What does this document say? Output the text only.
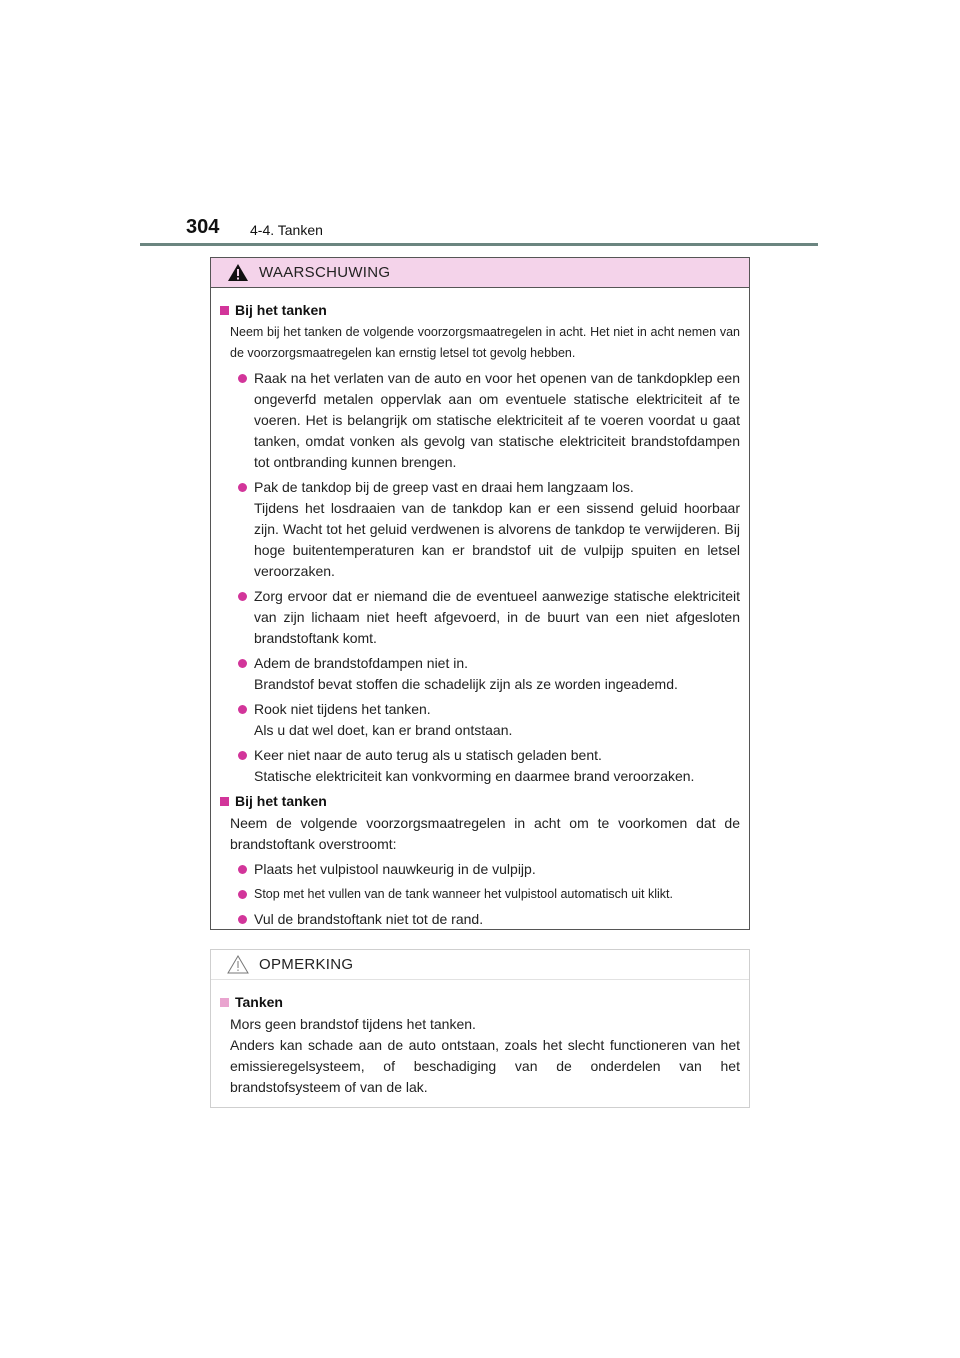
304 4-4. Tanken
WAARSCHUWING
Bij het tanken
Neem bij het tanken de volgende voorzorgsmaatregelen in acht. Het niet in acht nemen van de voorzorgsmaatregelen kan ernstig letsel tot gevolg hebben.
Raak na het verlaten van de auto en voor het openen van de tankdopklep een ongeverfd metalen oppervlak aan om eventuele statische elektriciteit af te voeren. Het is belangrijk om statische elektriciteit af te voeren voordat u gaat tanken, omdat vonken als gevolg van statische elektriciteit brandstofdampen tot ontbranding kunnen brengen.
Pak de tankdop bij de greep vast en draai hem langzaam los.
Tijdens het losdraaien van de tankdop kan er een sissend geluid hoorbaar zijn. Wacht tot het geluid verdwenen is alvorens de tankdop te verwijderen. Bij hoge buitentemperaturen kan er brandstof uit de vulpijp spuiten en letsel veroorzaken.
Zorg ervoor dat er niemand die de eventueel aanwezige statische elektriciteit van zijn lichaam niet heeft afgevoerd, in de buurt van een niet afgesloten brandstoftank komt.
Adem de brandstofdampen niet in.
Brandstof bevat stoffen die schadelijk zijn als ze worden ingeademd.
Rook niet tijdens het tanken.
Als u dat wel doet, kan er brand ontstaan.
Keer niet naar de auto terug als u statisch geladen bent.
Statische elektriciteit kan vonkvorming en daarmee brand veroorzaken.
Bij het tanken
Neem de volgende voorzorgsmaatregelen in acht om te voorkomen dat de brandstoftank overstroomt:
Plaats het vulpistool nauwkeurig in de vulpijp.
Stop met het vullen van de tank wanneer het vulpistool automatisch uit klikt.
Vul de brandstoftank niet tot de rand.
OPMERKING
Tanken
Mors geen brandstof tijdens het tanken.
Anders kan schade aan de auto ontstaan, zoals het slecht functioneren van het emissieregelsysteem, of beschadiging van de onderdelen van het brandstofsysteem of van de lak.
